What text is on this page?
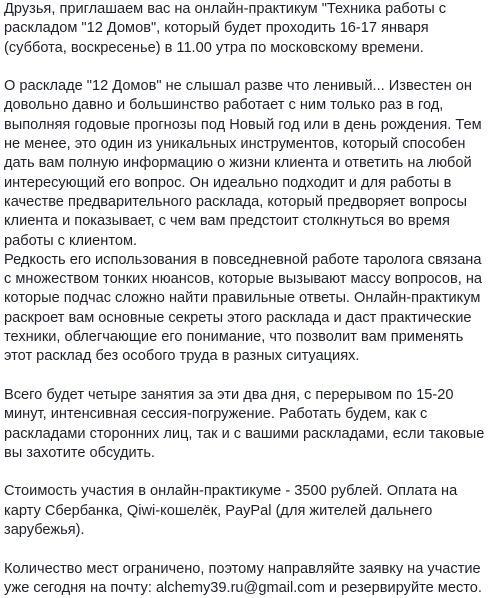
Друзья, приглашаем вас на онлайн-практикум "Техника работы с
раскладом "12 Домов", который будет проходить 16-17 января
(суббота, воскресенье) в 11.00 утра по московскому времени.

О раскладе "12 Домов" не слышал разве что ленивый... Известен он
довольно давно и большинство работает с ним только раз в год,
выполняя годовые прогнозы под Новый год или в день рождения. Тем
не менее, это один из уникальных инструментов, который способен
дать вам полную информацию о жизни клиента и ответить на любой
интересующий его вопрос. Он идеально подходит и для работы в
качестве предварительного расклада, который предворяет вопросы
клиента и показывает, с чем вам предстоит столкнуться во время
работы с клиентом.
Редкость его использования в повседневной работе таролога связана
с множеством тонких нюансов, которые вызывают массу вопросов, на
которые подчас сложно найти правильные ответы. Онлайн-практикум
раскроет вам основные секреты этого расклада и даст практические
техники, облегчающие его понимание, что позволит вам применять
этот расклад без особого труда в разных ситуациях.

Всего будет четыре занятия за эти два дня, с перерывом по 15-20
минут, интенсивная сессия-погружение. Работать будем, как с
раскладами сторонних лиц, так и с вашими раскладами, если таковые
вы захотите обсудить.

Стоимость участия в онлайн-практикуме - 3500 рублей. Оплата на
карту Сбербанка, Qiwi-кошелёк, PayPal (для жителей дальнего
зарубежья).

Количество мест ограничено, поэтому направляйте заявку на участие
уже сегодня на почту: alchemy39.ru@gmail.com и резервируйте место.
